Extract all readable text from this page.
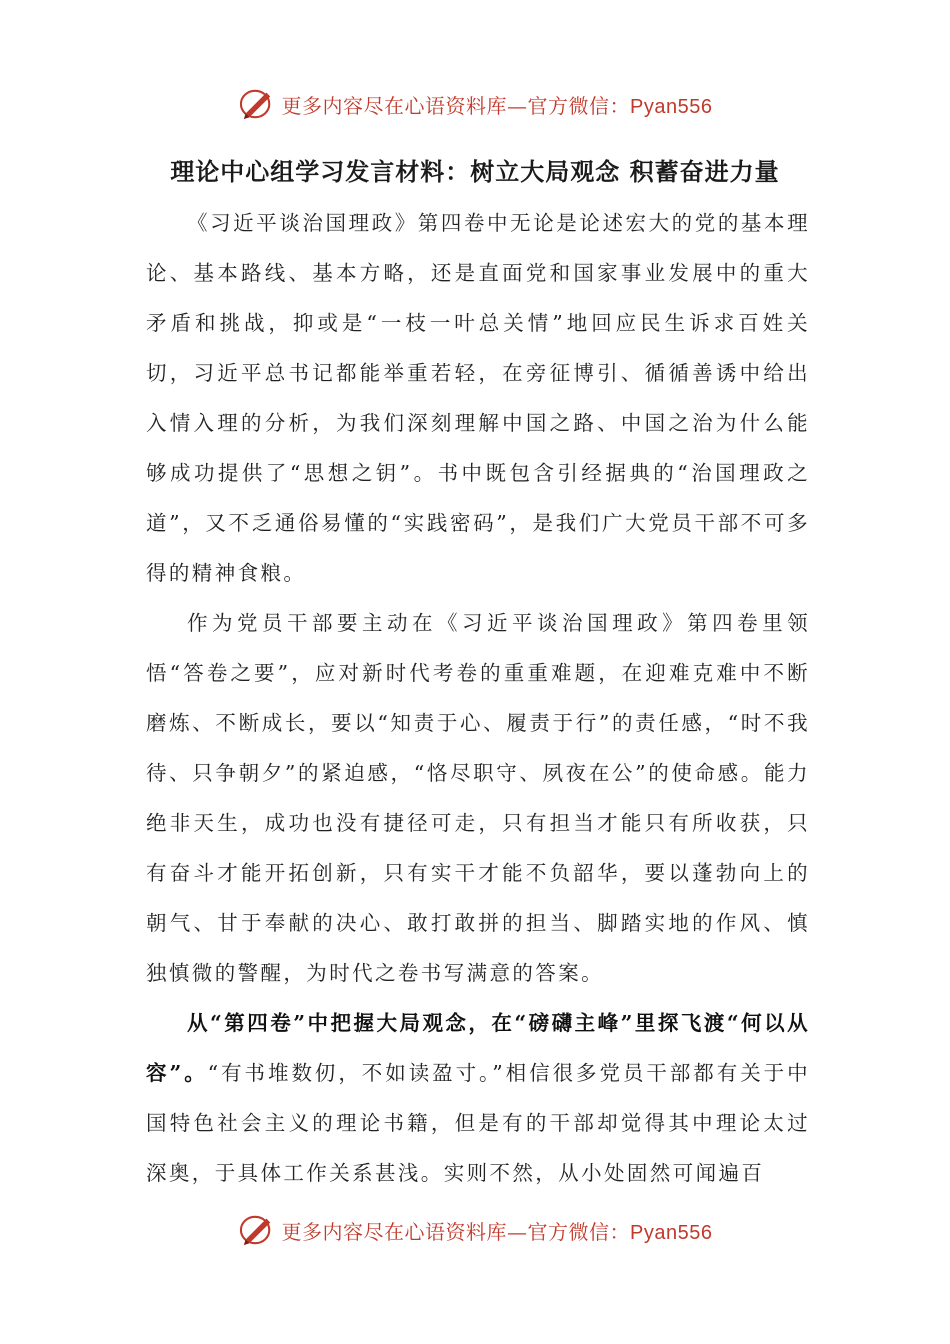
更多内容尽在心语资料库—官方微信：Pyan556
理论中心组学习发言材料：树立大局观念 积蓄奋进力量

《习近平谈治国理政》第四卷中无论是论述宏大的党的基本理论、基本路线、基本方略，还是直面党和国家事业发展中的重大矛盾和挑战，抑或是“一枝一叶总关情”地回应民生诉求百姓关切，习近平总书记都能举重若轻，在旁征博引、循循善诱中给出入情入理的分析，为我们深刻理解中国之路、中国之治为什么能够成功提供了“思想之钥”。书中既包含引经据典的“治国理政之道”，又不乏通俗易懂的“实践密码”，是我们广大党员干部不可多得的精神食粮。

作为党员干部要主动在《习近平谈治国理政》第四卷里领悟“答卷之要”，应对新时代考卷的重重难题，在迎难克难中不断磨炼、不断成长，要以“知责于心、履责于行”的责任感，“时不我待、只争朝夕”的紧迫感，“恪尽职守、夙夜在公”的使命感。能力绝非天生，成功也没有捷径可走，只有担当才能只有所收获，只有奋斗才能开拓创新，只有实干才能不负韶华，要以蓬勃向上的朝气、甘于奉献的决心、敢打敢拼的担当、脚踏实地的作风、慎独慎微的警醒，为时代之卷书写满意的答案。

从“第四卷”中把握大局观念，在“磅礴主峰”里探飞渡“何以从容”。“有书堆数仞，不如读盈寸。”相信很多党员干部都有关于中国特色社会主义的理论书籍，但是有的干部却觉得其中理论太过深奥，于具体工作关系甚浅。实则不然，从小处固然可闻遍百

更多内容尽在心语资料库—官方微信：Pyan556
